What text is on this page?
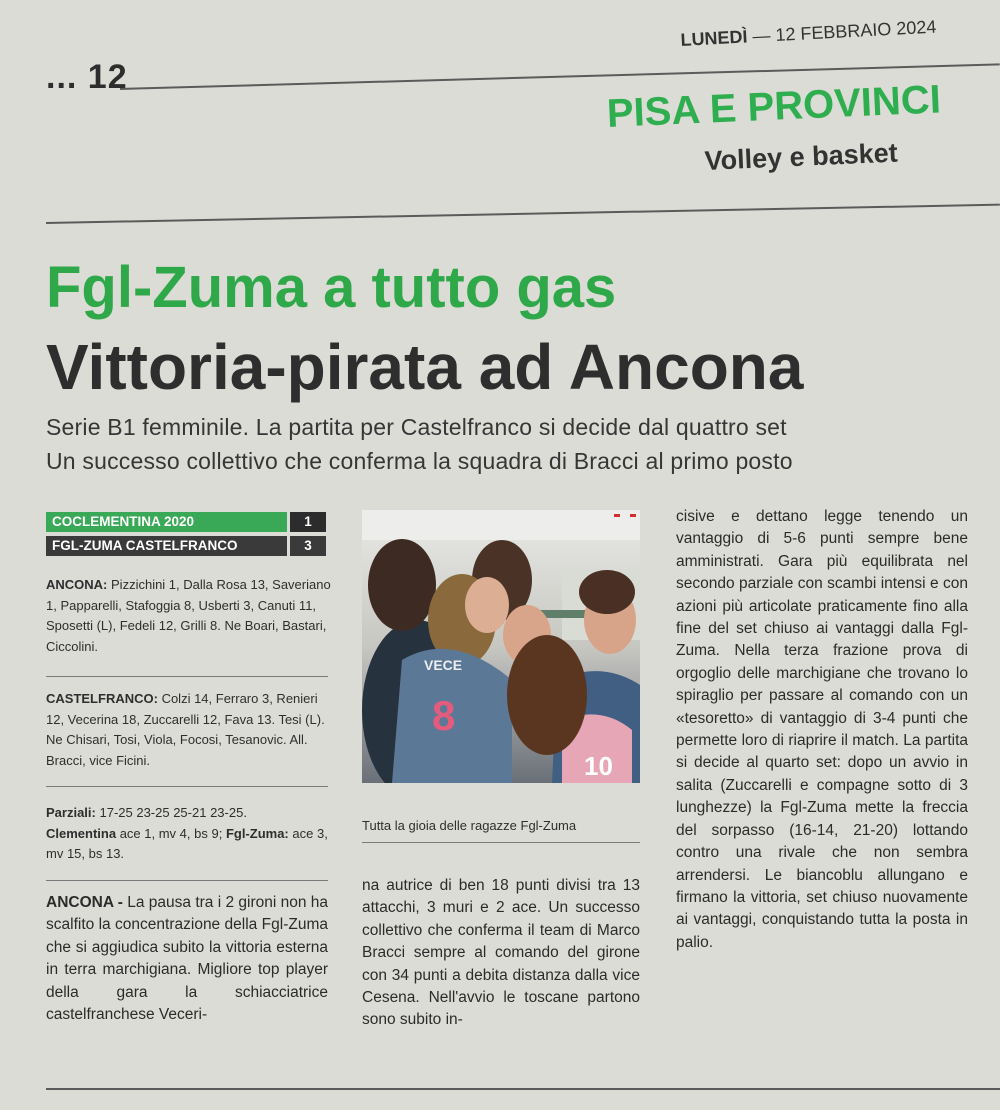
... 12
LUNEDÌ — 12 FEBBRAIO 2024
PISA E PROVINCI
Volley e basket
Fgl-Zuma a tutto gas
Vittoria-pirata ad Ancona
Serie B1 femminile. La partita per Castelfranco si decide dal quattro set
Un successo collettivo che conferma la squadra di Bracci al primo posto
COCLEMENTINA 2020	1
FGL-ZUMA CASTELFRANCO	3
ANCONA: Pizzichini 1, Dalla Rosa 13, Saveriano 1, Papparelli, Stafoggia 8, Usberti 3, Canuti 11, Sposetti (L), Fedeli 12, Grilli 8. Ne Boari, Bastari, Ciccolini.
CASTELFRANCO: Colzi 14, Ferraro 3, Renieri 12, Vecerina 18, Zuccarelli 12, Fava 13. Tesi (L). Ne Chisari, Tosi, Viola, Focosi, Tesanovic. All. Bracci, vice Ficini.
Parziali: 17-25 23-25 25-21 23-25.
Clementina ace 1, mv 4, bs 9; Fgl-Zuma: ace 3, mv 15, bs 13.
8
VECE
10
Tutta la gioia delle ragazze Fgl-Zuma
ANCONA - La pausa tra i 2 gironi non ha scalfito la concentrazione della Fgl-Zuma che si aggiudica subito la vittoria esterna in terra marchigiana. Migliore top player della gara la schiacciatrice castelfranchese Veceri-
na autrice di ben 18 punti divisi tra 13 attacchi, 3 muri e 2 ace. Un successo collettivo che conferma il team di Marco Bracci sempre al comando del girone con 34 punti a debita distanza dalla vice Cesena. Nell'avvio le toscane partono sono subito in-
cisive e dettano legge tenendo un vantaggio di 5-6 punti sempre bene amministrati. Gara più equilibrata nel secondo parziale con scambi intensi e con azioni più articolate praticamente fino alla fine del set chiuso ai vantaggi dalla Fgl-Zuma. Nella terza frazione prova di orgoglio delle marchigiane che trovano lo spiraglio per passare al comando con un «tesoretto» di vantaggio di 3-4 punti che permette loro di riaprire il match. La partita si decide al quarto set: dopo un avvio in salita (Zuccarelli e compagne sotto di 3 lunghezze) la Fgl-Zuma mette la freccia del sorpasso (16-14, 21-20) lottando contro una rivale che non sembra arrendersi. Le biancoblu allungano e firmano la vittoria, set chiuso nuovamente ai vantaggi, conquistando tutta la posta in palio.
